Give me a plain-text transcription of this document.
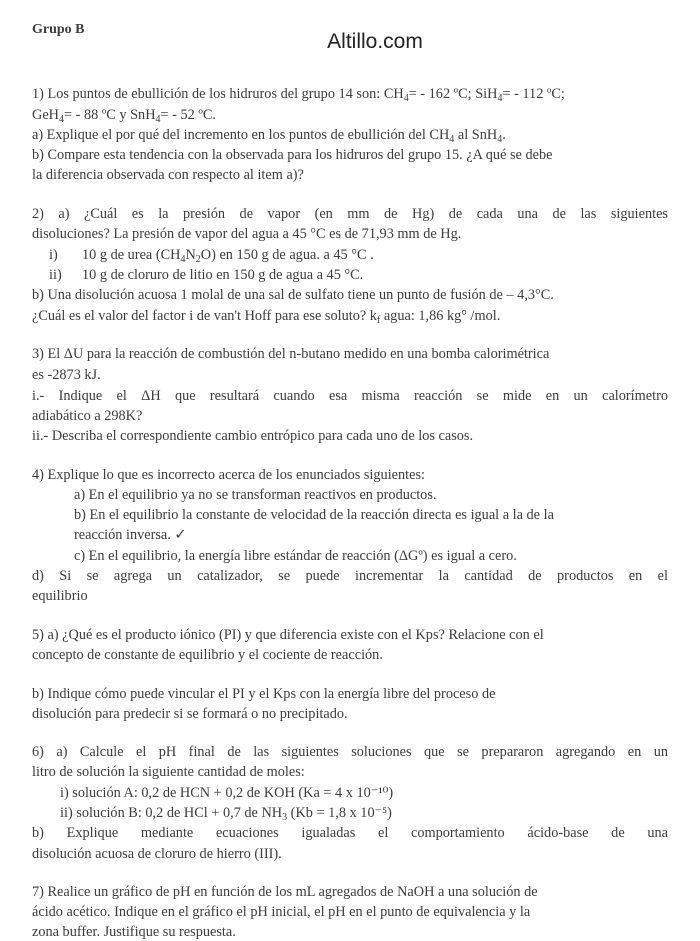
Grupo B
Altillo.com
1) Los puntos de ebullición de los hidruros del grupo 14 son: $CH_4= - 162$ ºC; SiH$_4$= - 112 ºC;
GeH$_4$= - 88 ºC y SnH$_4$= - 52 ºC.
a) Explique el por qué del incremento en los puntos de ebullición del $CH_4$ al SnH$_4$.
b) Compare esta tendencia con la observada para los hidruros del grupo 15. ¿A qué se debe
la diferencia observada con respecto al item a)?
2) a) ¿Cuál es la presión de vapor (en mm de Hg) de cada una de las siguientes
disoluciones? La presión de vapor del agua a 45 °C es de 71,93 mm de Hg.
i) 10 g de urea $(CH_4N_2O)$ en 150 g de agua. a 45 °C .
ii) 10 g de cloruro de litio en 150 g de agua a 45 °C.
b) Una disolución acuosa 1 molal de una sal de sulfato tiene un punto de fusión de – 4,3°C.
¿Cuál es el valor del factor i de van't Hoff para ese soluto? $k_f$ agua: 1,86 kg° /mol.
3) El ΔU para la reacción de combustión del n-butano medido en una bomba calorimétrica
es -2873 kJ.
i.- Indique el ΔH que resultará cuando esa misma reacción se mide en un calorímetro
adiabático a 298K?
ii.- Describa el correspondiente cambio entrópico para cada uno de los casos.
4) Explique lo que es incorrecto acerca de los enunciados siguientes:
a) En el equilibrio ya no se transforman reactivos en productos.
b) En el equilibrio la constante de velocidad de la reacción directa es igual a la de la
reacción inversa. ✓
c) En el equilibrio, la energía libre estándar de reacción (ΔGº) es igual a cero.
d) Si se agrega un catalizador, se puede incrementar la cantidad de productos en el
equilibrio
5) a) ¿Qué es el producto iónico (PI) y que diferencia existe con el Kps? Relacione con el
concepto de constante de equilibrio y el cociente de reacción.
b) Indique cómo puede vincular el PI y el Kps con la energía libre del proceso de
disolución para predecir si se formará o no precipitado.
6) a) Calcule el pH final de las siguientes soluciones que se prepararon agregando en un
litro de solución la siguiente cantidad de moles:
i) solución A: 0,2 de HCN + 0,2 de KOH (Ka = 4 x 10⁻¹⁰)
ii) solución B: 0,2 de HCl + 0,7 de $NH_3$ (Kb = 1,8 x 10⁻⁵)
b) Explique mediante ecuaciones igualadas el comportamiento ácido-base de una
disolución acuosa de cloruro de hierro (III).
7) Realice un gráfico de pH en función de los mL agregados de NaOH a una solución de
ácido acético. Indique en el gráfico el pH inicial, el pH en el punto de equivalencia y la
zona buffer. Justifique su respuesta.
